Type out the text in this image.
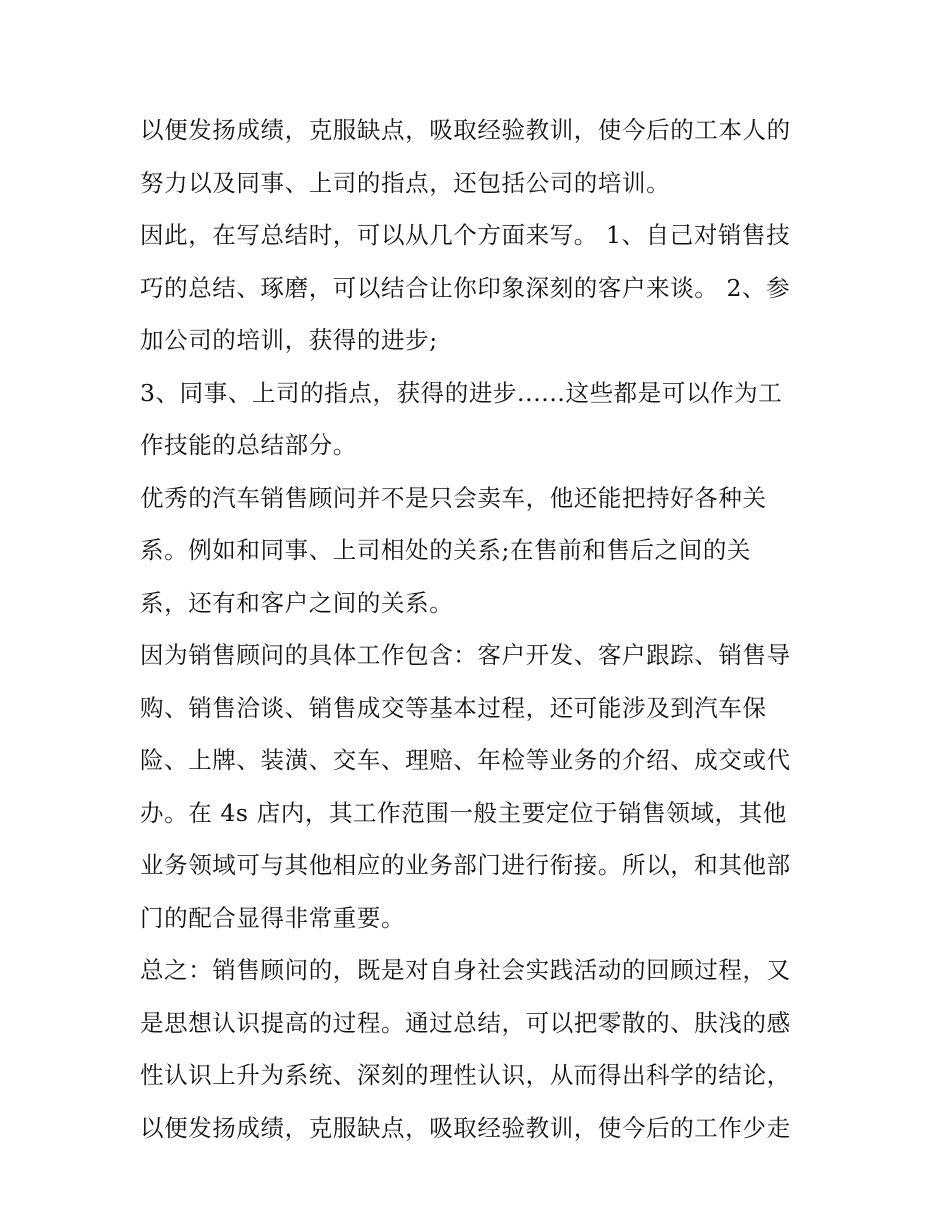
以便发扬成绩，克服缺点，吸取经验教训，使今后的工本人的
努力以及同事、上司的指点，还包括公司的培训。
因此，在写总结时，可以从几个方面来写。 1、自己对销售技
巧的总结、琢磨，可以结合让你印象深刻的客户来谈。 2、参
加公司的培训，获得的进步;
3、同事、上司的指点，获得的进步......这些都是可以作为工
作技能的总结部分。
优秀的汽车销售顾问并不是只会卖车，他还能把持好各种关
系。例如和同事、上司相处的关系;在售前和售后之间的关
系，还有和客户之间的关系。
因为销售顾问的具体工作包含：客户开发、客户跟踪、销售导
购、销售洽谈、销售成交等基本过程，还可能涉及到汽车保
险、上牌、装潢、交车、理赔、年检等业务的介绍、成交或代
办。在 4s 店内，其工作范围一般主要定位于销售领域，其他
业务领域可与其他相应的业务部门进行衔接。所以，和其他部
门的配合显得非常重要。
总之：销售顾问的，既是对自身社会实践活动的回顾过程，又
是思想认识提高的过程。通过总结，可以把零散的、肤浅的感
性认识上升为系统、深刻的理性认识，从而得出科学的结论，
以便发扬成绩，克服缺点，吸取经验教训，使今后的工作少走
